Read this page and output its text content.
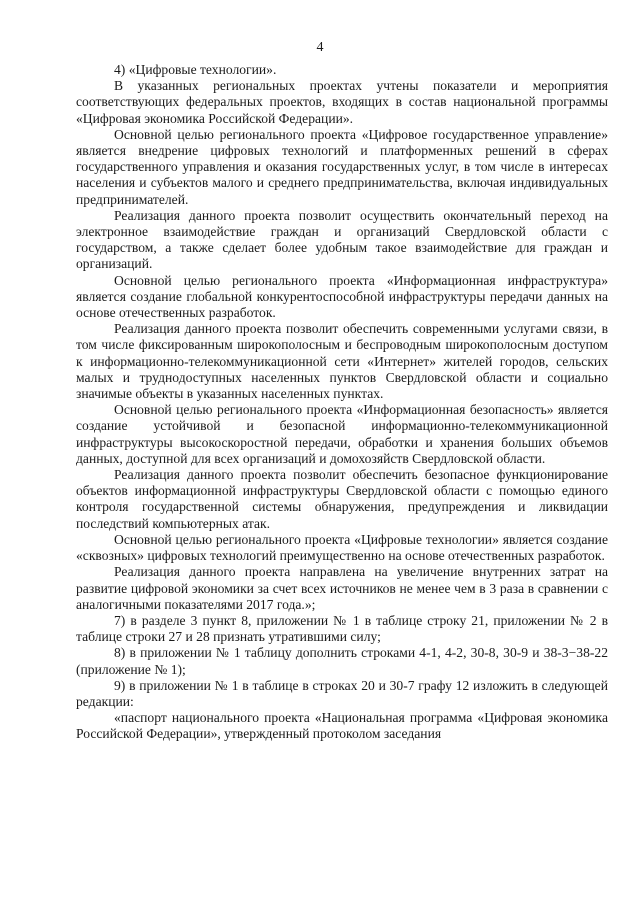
4

4) «Цифровые технологии».

В указанных региональных проектах учтены показатели и мероприятия соответствующих федеральных проектов, входящих в состав национальной программы «Цифровая экономика Российской Федерации».

Основной целью регионального проекта «Цифровое государственное управление» является внедрение цифровых технологий и платформенных решений в сферах государственного управления и оказания государственных услуг, в том числе в интересах населения и субъектов малого и среднего предпринимательства, включая индивидуальных предпринимателей.

Реализация данного проекта позволит осуществить окончательный переход на электронное взаимодействие граждан и организаций Свердловской области с государством, а также сделает более удобным такое взаимодействие для граждан и организаций.

Основной целью регионального проекта «Информационная инфраструктура» является создание глобальной конкурентоспособной инфраструктуры передачи данных на основе отечественных разработок.

Реализация данного проекта позволит обеспечить современными услугами связи, в том числе фиксированным широкополосным и беспроводным широкополосным доступом к информационно-телекоммуникационной сети «Интернет» жителей городов, сельских малых и труднодоступных населенных пунктов Свердловской области и социально значимые объекты в указанных населенных пунктах.

Основной целью регионального проекта «Информационная безопасность» является создание устойчивой и безопасной информационно-телекоммуникационной инфраструктуры высокоскоростной передачи, обработки и хранения больших объемов данных, доступной для всех организаций и домохозяйств Свердловской области.

Реализация данного проекта позволит обеспечить безопасное функционирование объектов информационной инфраструктуры Свердловской области с помощью единого контроля государственной системы обнаружения, предупреждения и ликвидации последствий компьютерных атак.

Основной целью регионального проекта «Цифровые технологии» является создание «сквозных» цифровых технологий преимущественно на основе отечественных разработок.

Реализация данного проекта направлена на увеличение внутренних затрат на развитие цифровой экономики за счет всех источников не менее чем в 3 раза в сравнении с аналогичными показателями 2017 года.»;

7) в разделе 3 пункт 8, приложении № 1 в таблице строку 21, приложении № 2 в таблице строки 27 и 28 признать утратившими силу;

8) в приложении № 1 таблицу дополнить строками 4-1, 4-2, 30-8, 30-9 и 38-3−38-22 (приложение № 1);

9) в приложении № 1 в таблице в строках 20 и 30-7 графу 12 изложить в следующей редакции:

«паспорт национального проекта «Национальная программа «Цифровая экономика Российской Федерации», утвержденный протоколом заседания
